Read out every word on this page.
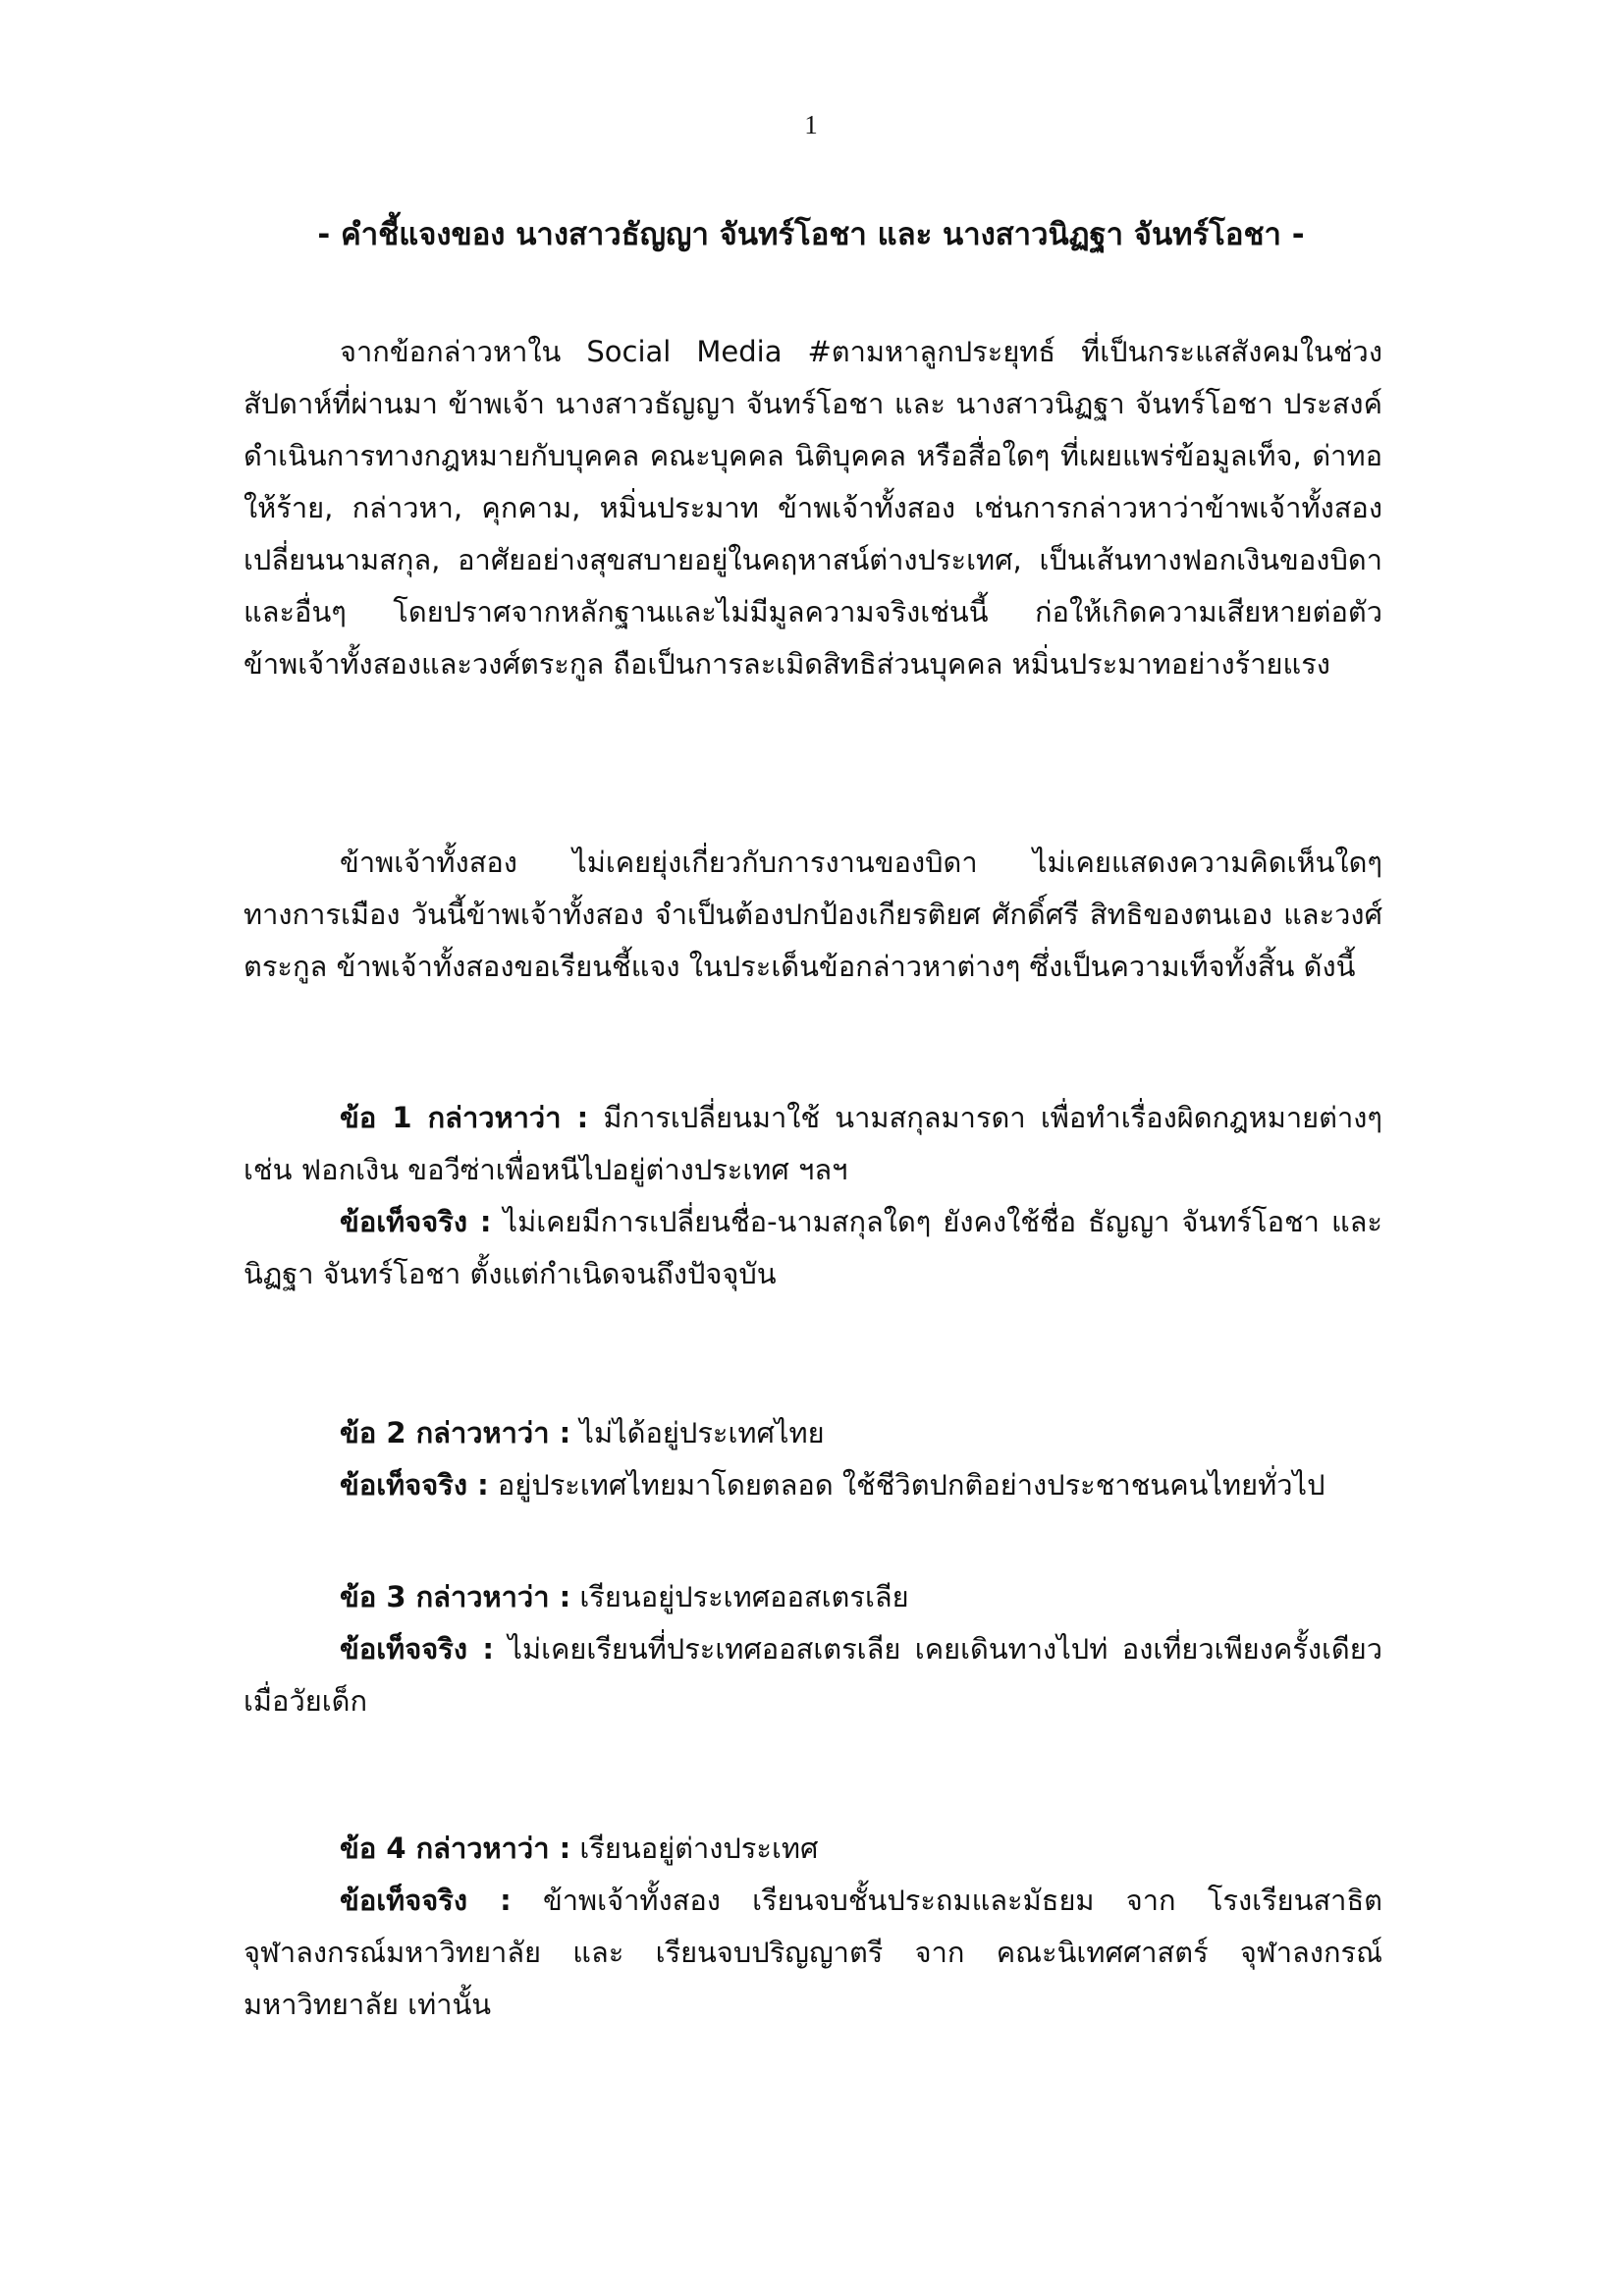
1
- คำชี้แจงของ นางสาวธัญญา จันทร์โอชา และ นางสาวนิฏฐา จันทร์โอชา -

จากข้อกล่าวหาใน Social Media #ตามหาลูกประยุทธ์ ที่เป็นกระแสสังคมในช่วงสัปดาห์ที่ผ่านมา ข้าพเจ้า นางสาวธัญญา จันทร์โอชา และ นางสาวนิฏฐา จันทร์โอชา ประสงค์ดำเนินการทางกฎหมายกับบุคคล คณะบุคคล นิติบุคคล หรือสื่อใดๆ ที่เผยแพร่ข้อมูลเท็จ, ด่าทอให้ร้าย, กล่าวหา, คุกคาม, หมิ่นประมาท ข้าพเจ้าทั้งสอง เช่นการกล่าวหาว่าข้าพเจ้าทั้งสอง เปลี่ยนนามสกุล, อาศัยอย่างสุขสบายอยู่ในคฤหาสน์ต่างประเทศ, เป็นเส้นทางฟอกเงินของบิดาและอื่นๆ โดยปราศจากหลักฐานและไม่มีมูลความจริงเช่นนี้ ก่อให้เกิดความเสียหายต่อตัวข้าพเจ้าทั้งสองและวงศ์ตระกูล ถือเป็นการละเมิดสิทธิส่วนบุคคล หมิ่นประมาทอย่างร้ายแรง

ข้าพเจ้าทั้งสอง ไม่เคยยุ่งเกี่ยวกับการงานของบิดา ไม่เคยแสดงความคิดเห็นใดๆ ทางการเมือง วันนี้ข้าพเจ้าทั้งสอง จำเป็นต้องปกป้องเกียรติยศ ศักดิ์ศรี สิทธิของตนเอง และวงศ์ตระกูล ข้าพเจ้าทั้งสองขอเรียนชี้แจง ในประเด็นข้อกล่าวหาต่างๆ ซึ่งเป็นความเท็จทั้งสิ้น ดังนี้

ข้อ 1 กล่าวหาว่า : มีการเปลี่ยนมาใช้ นามสกุลมารดา เพื่อทำเรื่องผิดกฎหมายต่างๆ เช่น ฟอกเงิน ขอวีซ่าเพื่อหนีไปอยู่ต่างประเทศ ฯลฯ

ข้อเท็จจริง : ไม่เคยมีการเปลี่ยนชื่อ-นามสกุลใดๆ ยังคงใช้ชื่อ ธัญญา จันทร์โอชา และ นิฏฐา จันทร์โอชา ตั้งแต่กำเนิดจนถึงปัจจุบัน

ข้อ 2 กล่าวหาว่า : ไม่ได้อยู่ประเทศไทย

ข้อเท็จจริง : อยู่ประเทศไทยมาโดยตลอด ใช้ชีวิตปกติอย่างประชาชนคนไทยทั่วไป

ข้อ 3 กล่าวหาว่า : เรียนอยู่ประเทศออสเตรเลีย

ข้อเท็จจริง : ไม่เคยเรียนที่ประเทศออสเตรเลีย เคยเดินทางไปท่ องเที่ยวเพียงครั้งเดียว เมื่อวัยเด็ก

ข้อ 4 กล่าวหาว่า : เรียนอยู่ต่างประเทศ

ข้อเท็จจริง : ข้าพเจ้าทั้งสอง เรียนจบชั้นประถมและมัธยม จาก โรงเรียนสาธิตจุฬาลงกรณ์มหาวิทยาลัย และ เรียนจบปริญญาตรี จาก คณะนิเทศศาสตร์ จุฬาลงกรณ์มหาวิทยาลัย เท่านั้น
